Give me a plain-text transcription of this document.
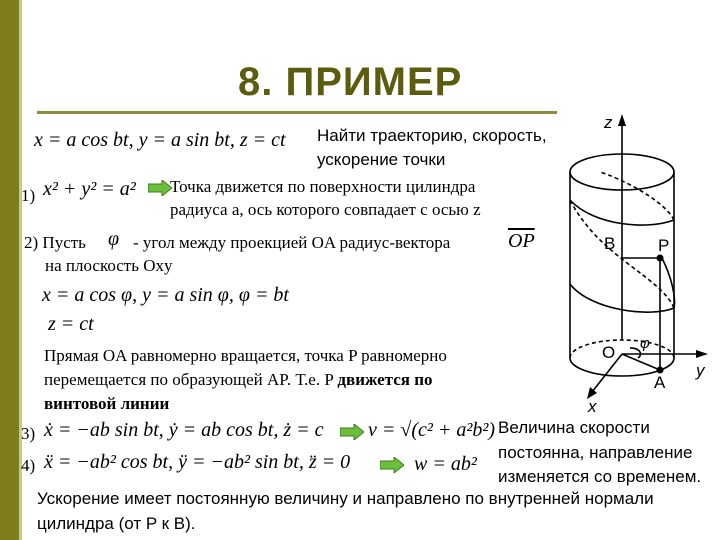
8. ПРИМЕР
x = a cos bt, y = a sin bt, z = ct Найти траекторию, скорость,
ускорение точки
1) x² + y² = a² Точка движется по поверхности цилиндра
радиуса a, ось которого совпадает с осью z
2) Пусть φ - угол между проекцией OA радиус-вектора	$\overline{OP}$
на плоскость Oxy
x = a cos φ, y = a sin φ, φ = bt
z = ct
Прямая OA равномерно вращается, точка P равномерно
перемещается по образующей AP. Т.е. P движется по
винтовой линии
3) ẋ = −ab sin bt, ẏ = ab cos bt, ż = c v = √(c² + a²b²) Величина скорости
постоянна, направление
изменяется со временем.
4) ẍ = −ab² cos bt, ÿ = −ab² sin bt, z̈ = 0	w = ab²
Ускорение имеет постоянную величину и направлено по внутренней нормали
цилиндра (от P к B).
z
B	P
O φ
A
y
x
